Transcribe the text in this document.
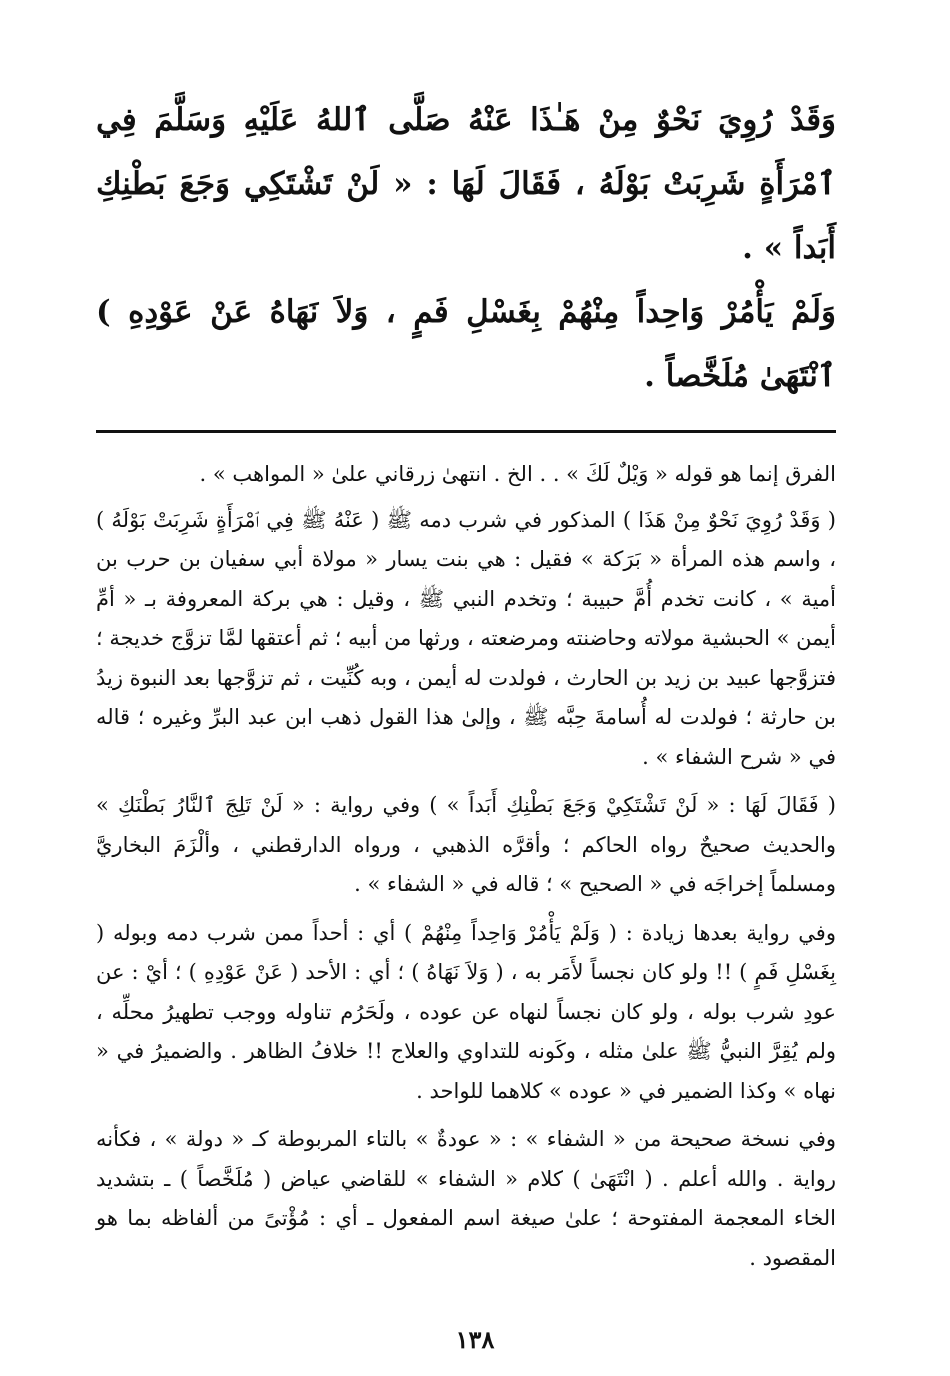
وَقَدْ رُوِيَ نَحْوٌ مِنْ هَـٰذَا عَنْهُ صَلَّى ٱللهُ عَلَيْهِ وَسَلَّمَ فِي ٱمْرَأَةٍ شَرِبَتْ بَوْلَهُ ، فَقَالَ لَهَا : « لَنْ تَشْتَكِي وَجَعَ بَطْنِكِ أَبَداً » .

وَلَمْ يَأْمُرْ وَاحِداً مِنْهُمْ بِغَسْلِ فَمٍ ، وَلاَ نَهَاهُ عَنْ عَوْدِهِ ) ٱنْتَهَىٰ مُلَخَّصاً .

الفرق إنما هو قوله « وَيْلٌ لَكَ » . . الخ . انتهىٰ زرقاني علىٰ « المواهب » .

( وَقَدْ رُوِيَ نَحْوٌ مِنْ هَذَا ) المذكور في شرب دمه ﷺ ( عَنْهُ ﷺ فِي ٱمْرَأَةٍ شَرِبَتْ بَوْلَهُ ) ، واسم هذه المرأة « بَرَكة » فقيل : هي بنت يسار « مولاة أبي سفيان بن حرب بن أمية » ، كانت تخدم أُمَّ حبيبة ؛ وتخدم النبي ﷺ ، وقيل : هي بركة المعروفة بـ « أمِّ أيمن » الحبشية مولاته وحاضنته ومرضعته ، ورثها من أبيه ؛ ثم أعتقها لمَّا تزوَّج خديجة ؛ فتزوَّجها عبيد بن زيد بن الحارث ، فولدت له أيمن ، وبه كُنِّيت ، ثم تزوَّجها بعد النبوة زيدُ بن حارثة ؛ فولدت له أُسامةَ حِبَّه ﷺ ، وإلىٰ هذا القول ذهب ابن عبد البرِّ وغيره ؛ قاله في « شرح الشفاء » .

( فَقَالَ لَهَا : « لَنْ تَشْتَكِيْ وَجَعَ بَطْنِكِ أَبَداً » ) وفي رواية : « لَنْ تَلِجَ ٱلنَّارُ بَطْنَكِ » والحديث صحيحٌ رواه الحاكم ؛ وأقرَّه الذهبي ، ورواه الدارقطني ، وألْزَمَ البخاريَّ ومسلماً إخراجَه في « الصحيح » ؛ قاله في « الشفاء » .

وفي رواية بعدها زيادة : ( وَلَمْ يَأْمُرْ وَاحِداً مِنْهُمْ ) أي : أحداً ممن شرب دمه وبوله ( بِغَسْلِ فَمٍ ) !! ولو كان نجساً لأَمَر به ، ( وَلاَ نَهَاهُ ) ؛ أي : الأحد ( عَنْ عَوْدِهِ ) ؛ أيْ : عن عودِ شرب بوله ، ولو كان نجساً لنهاه عن عوده ، ولَحَرُم تناوله ووجب تطهيرُ محلِّه ، ولم يُقِرَّ النبيُّ ﷺ علىٰ مثله ، وكَونه للتداوي والعلاج !! خلافُ الظاهر . والضميرُ في « نهاه » وكذا الضمير في « عوده » كلاهما للواحد .

وفي نسخة صحيحة من « الشفاء » : « عودةٌ » بالتاء المربوطة كـ « دولة » ، فكأنه رواية . والله أعلم . ( انْتَهَىٰ ) كلام « الشفاء » للقاضي عياض ( مُلَخَّصاً ) ـ بتشديد الخاء المعجمة المفتوحة ؛ علىٰ صيغة اسم المفعول ـ أي : مُؤْتىً من ألفاظه بما هو المقصود .

١٣٨
